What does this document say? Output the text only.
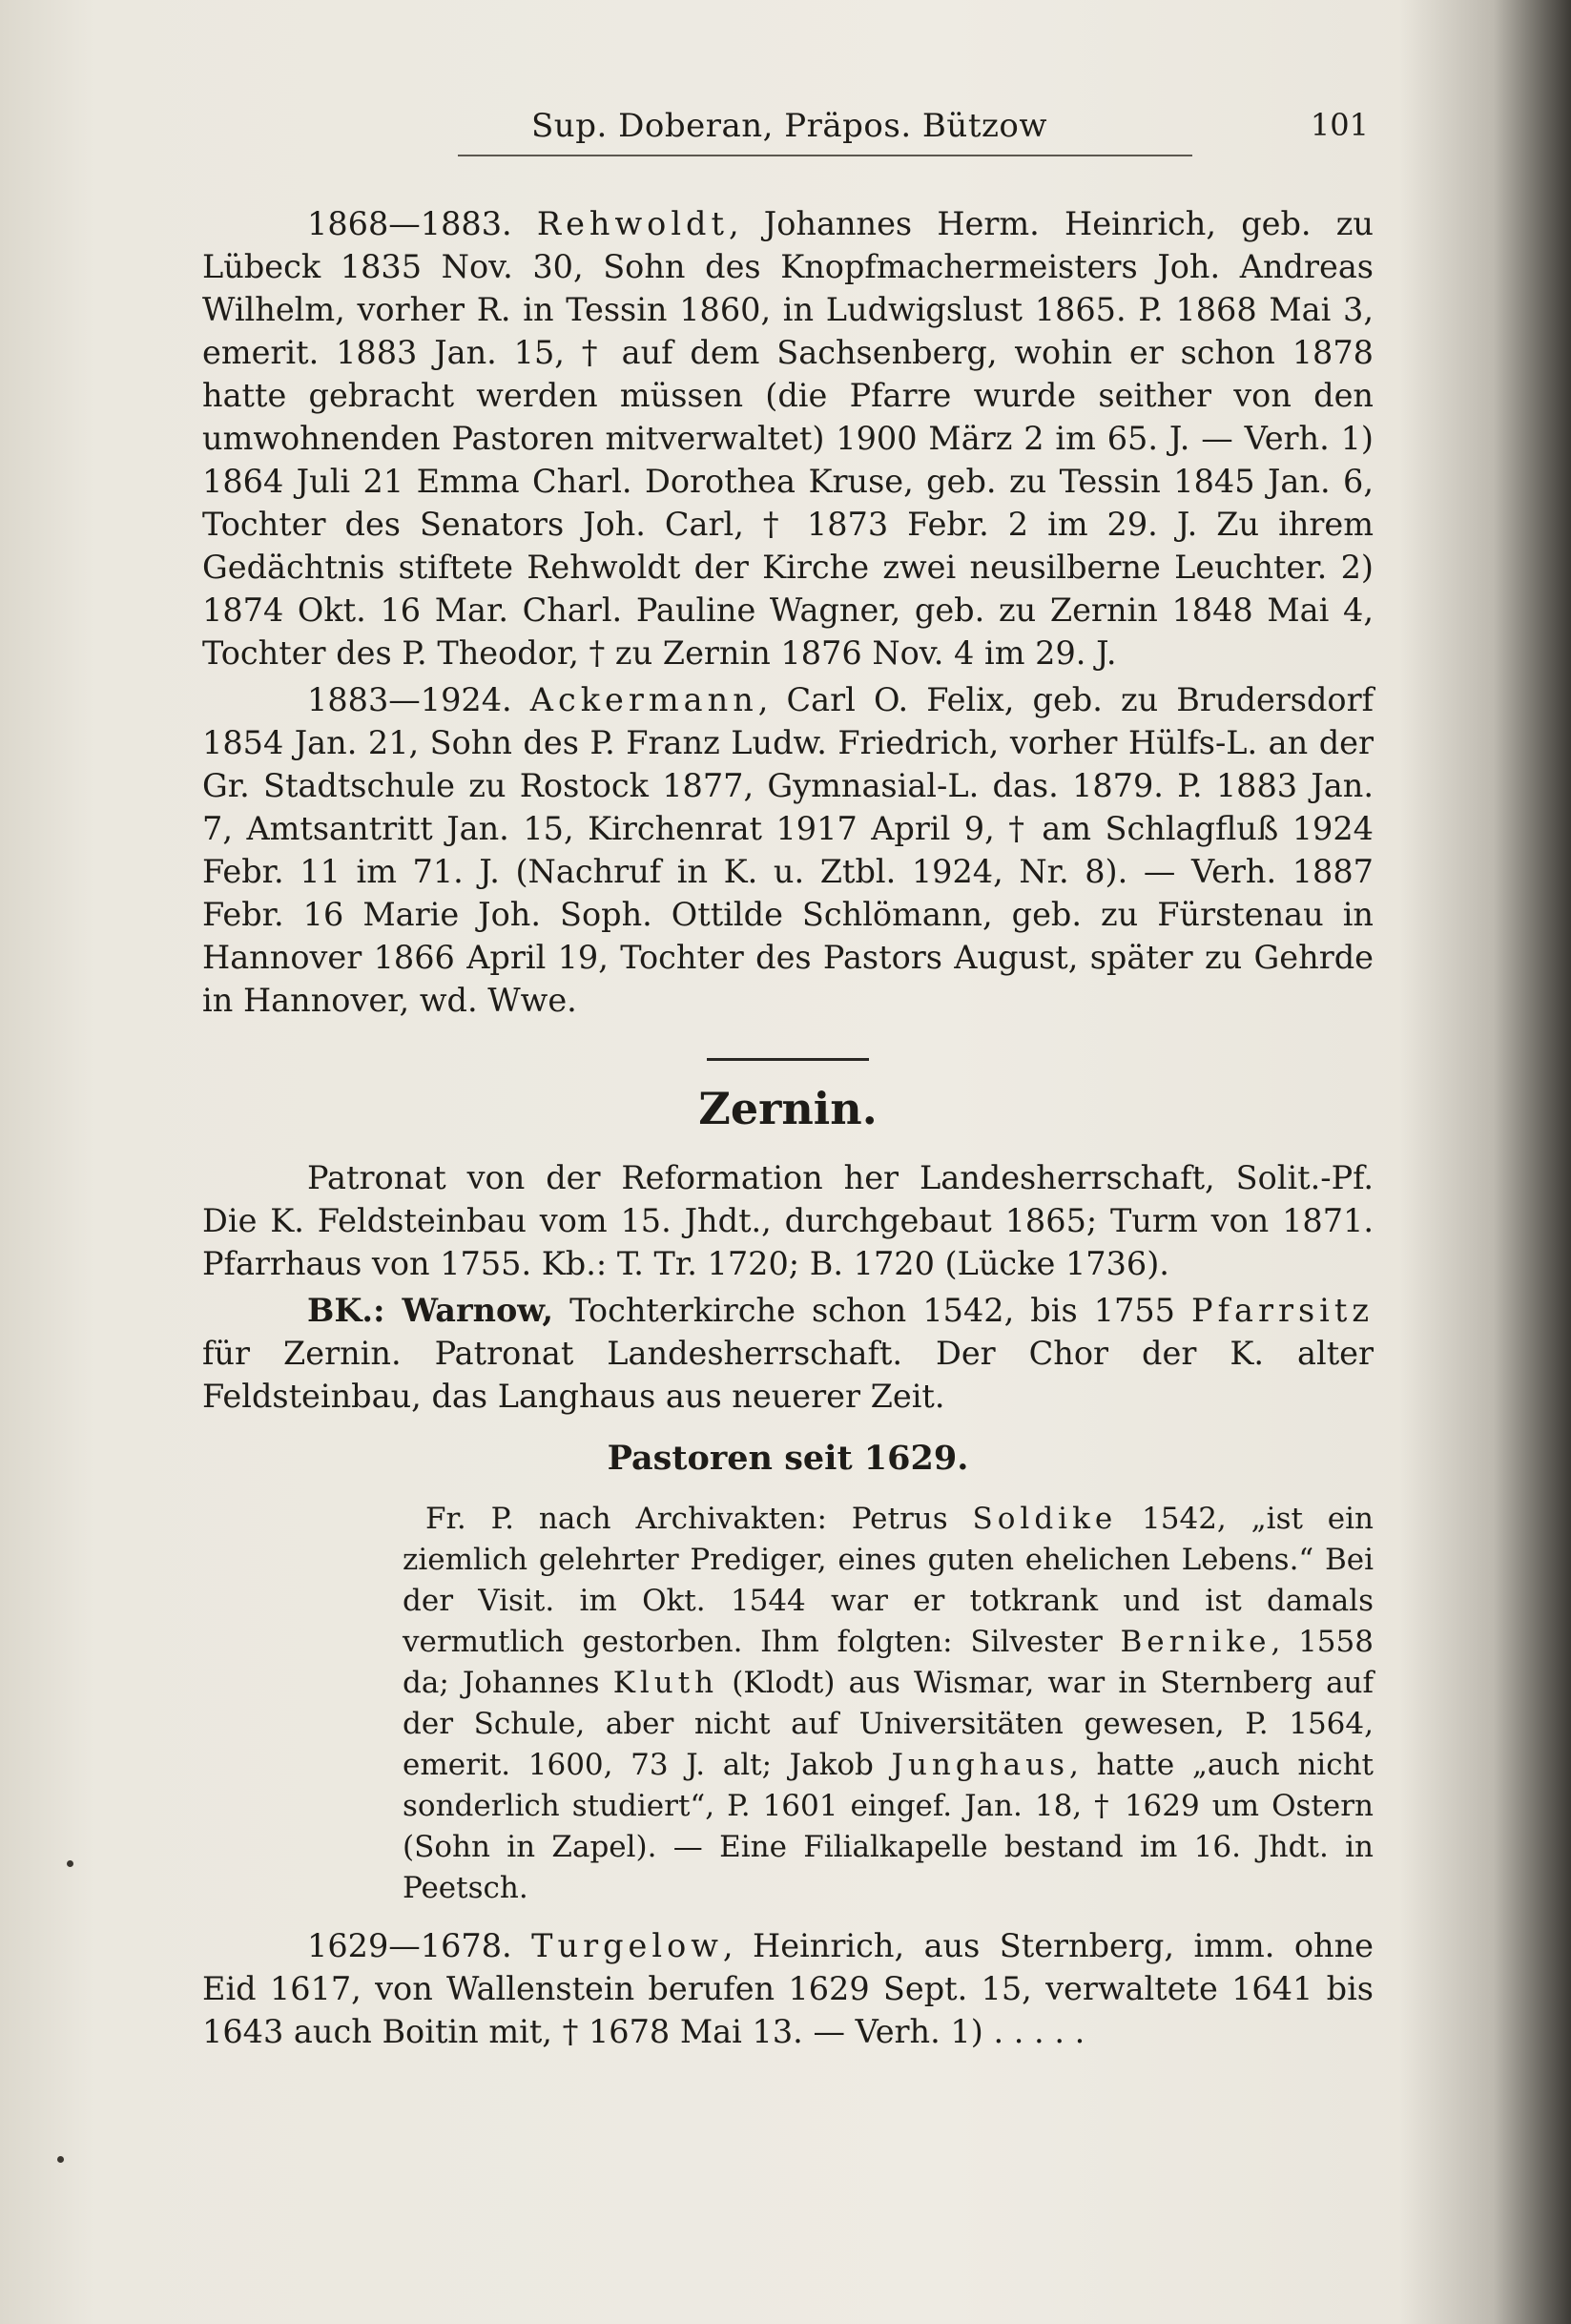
Sup. Doberan, Präpos. Bützow	101

1868—1883. Rehwoldt, Johannes Herm. Heinrich, geb. zu Lübeck 1835 Nov. 30, Sohn des Knopfmachermeisters Joh. Andreas Wilhelm, vorher R. in Tessin 1860, in Ludwigslust 1865. P. 1868 Mai 3, emerit. 1883 Jan. 15, † auf dem Sachsenberg, wohin er schon 1878 hatte gebracht werden müssen (die Pfarre wurde seither von den umwohnenden Pastoren mitverwaltet) 1900 März 2 im 65. J. — Verh. 1) 1864 Juli 21 Emma Charl. Dorothea Kruse, geb. zu Tessin 1845 Jan. 6, Tochter des Senators Joh. Carl, † 1873 Febr. 2 im 29. J. Zu ihrem Gedächtnis stiftete Rehwoldt der Kirche zwei neusilberne Leuchter. 2) 1874 Okt. 16 Mar. Charl. Pauline Wagner, geb. zu Zernin 1848 Mai 4, Tochter des P. Theodor, † zu Zernin 1876 Nov. 4 im 29. J.

1883—1924. Ackermann, Carl O. Felix, geb. zu Brudersdorf 1854 Jan. 21, Sohn des P. Franz Ludw. Friedrich, vorher Hülfs-L. an der Gr. Stadtschule zu Rostock 1877, Gymnasial-L. das. 1879. P. 1883 Jan. 7, Amtsantritt Jan. 15, Kirchenrat 1917 April 9, † am Schlagfluß 1924 Febr. 11 im 71. J. (Nachruf in K. u. Ztbl. 1924, Nr. 8). — Verh. 1887 Febr. 16 Marie Joh. Soph. Ottilde Schlömann, geb. zu Fürstenau in Hannover 1866 April 19, Tochter des Pastors August, später zu Gehrde in Hannover, wd. Wwe.

Zernin.

Patronat von der Reformation her Landesherrschaft, Solit.-Pf. Die K. Feldsteinbau vom 15. Jhdt., durchgebaut 1865; Turm von 1871. Pfarrhaus von 1755. Kb.: T. Tr. 1720; B. 1720 (Lücke 1736).

BK.: Warnow, Tochterkirche schon 1542, bis 1755 Pfarrsitz für Zernin. Patronat Landesherrschaft. Der Chor der K. alter Feldsteinbau, das Langhaus aus neuerer Zeit.

Pastoren seit 1629.

Fr. P. nach Archivakten: Petrus Soldike 1542, „ist ein ziemlich gelehrter Prediger, eines guten ehelichen Lebens.“ Bei der Visit. im Okt. 1544 war er totkrank und ist damals vermutlich gestorben. Ihm folgten: Silvester Bernike, 1558 da; Johannes Kluth (Klodt) aus Wismar, war in Sternberg auf der Schule, aber nicht auf Universitäten gewesen, P. 1564, emerit. 1600, 73 J. alt; Jakob Junghaus, hatte „auch nicht sonderlich studiert“, P. 1601 eingef. Jan. 18, † 1629 um Ostern (Sohn in Zapel). — Eine Filialkapelle bestand im 16. Jhdt. in Peetsch.

1629—1678. Turgelow, Heinrich, aus Sternberg, imm. ohne Eid 1617, von Wallenstein berufen 1629 Sept. 15, verwaltete 1641 bis 1643 auch Boitin mit, † 1678 Mai 13. — Verh. 1) . . . . .
